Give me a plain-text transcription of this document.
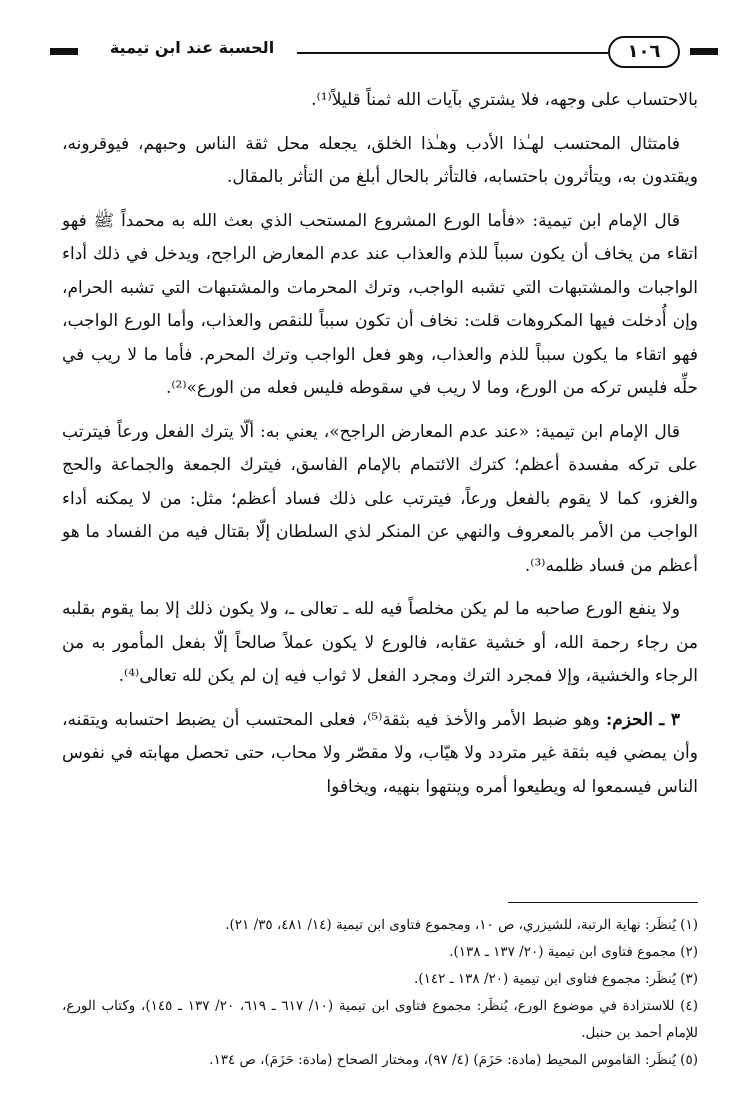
الحسبة عند ابن تيمية	١٠٦

بالاحتساب على وجهه، فلا يشتري بآيات الله ثمناً قليلاً⁽¹⁾.

فامتثال المحتسب لهـٰذا الأدب وهـٰذا الخلق، يجعله محل ثقة الناس وحبهم، فيوقرونه، ويقتدون به، ويتأثرون باحتسابه، فالتأثر بالحال أبلغ من التأثر بالمقال.

قال الإمام ابن تيمية: «فأما الورع المشروع المستحب الذي بعث الله به محمداً ﷺ فهو اتقاء من يخاف أن يكون سبباً للذم والعذاب عند عدم المعارض الراجح، ويدخل في ذلك أداء الواجبات والمشتبهات التي تشبه الواجب، وترك المحرمات والمشتبهات التي تشبه الحرام، وإن أُدخلت فيها المكروهات قلت: نخاف أن تكون سبباً للنقص والعذاب، وأما الورع الواجب، فهو اتقاء ما يكون سبباً للذم والعذاب، وهو فعل الواجب وترك المحرم. فأما ما لا ريب في حلِّه فليس تركه من الورع، وما لا ريب في سقوطه فليس فعله من الورع»⁽²⁾.

قال الإمام ابن تيمية: «عند عدم المعارض الراجح»، يعني به: ألّا يترك الفعل ورعاً فيترتب على تركه مفسدة أعظم؛ كترك الائتمام بالإمام الفاسق، فيترك الجمعة والجماعة والحج والغزو، كما لا يقوم بالفعل ورعاً، فيترتب على ذلك فساد أعظم؛ مثل: من لا يمكنه أداء الواجب من الأمر بالمعروف والنهي عن المنكر لذي السلطان إلّا بقتال فيه من الفساد ما هو أعظم من فساد ظلمه⁽³⁾.

ولا ينفع الورع صاحبه ما لم يكن مخلصاً فيه لله ـ تعالى ـ، ولا يكون ذلك إلا بما يقوم بقلبه من رجاء رحمة الله، أو خشية عقابه، فالورع لا يكون عملاً صالحاً إلّا بفعل المأمور به من الرجاء والخشية، وإلا فمجرد الترك ومجرد الفعل لا ثواب فيه إن لم يكن لله تعالى⁽⁴⁾.

٣ ـ الحزم: وهو ضبط الأمر والأخذ فيه بثقة⁽⁵⁾، فعلى المحتسب أن يضبط احتسابه ويتقنه، وأن يمضي فيه بثقة غير متردد ولا هيّاب، ولا مقصّر ولا محاب، حتى تحصل مهابته في نفوس الناس فيسمعوا له ويطيعوا أمره وينتهوا بنهيه، ويخافوا

(١) يُنظَر: نهاية الرتبة، للشيزري، ص ١٠، ومجموع فتاوى ابن تيمية (١٤/ ٤٨١، ٣٥/ ٢١).

(٢) مجموع فتاوى ابن تيمية (٢٠/ ١٣٧ ـ ١٣٨).

(٣) يُنظَر: مجموع فتاوى ابن تيمية (٢٠/ ١٣٨ ـ ١٤٢).

(٤) للاستزادة في موضوع الورع، يُنظَر: مجموع فتاوى ابن تيمية (١٠/ ٦١٧ ـ ٦١٩، ٢٠/ ١٣٧ ـ ١٤٥)، وكتاب الورع، للإمام أحمد بن حنبل.

(٥) يُنظَر: القاموس المحيط (مادة: حَزَمَ) (٤/ ٩٧)، ومختار الصحاح (مادة: حَزَمَ)، ص ١٣٤.
